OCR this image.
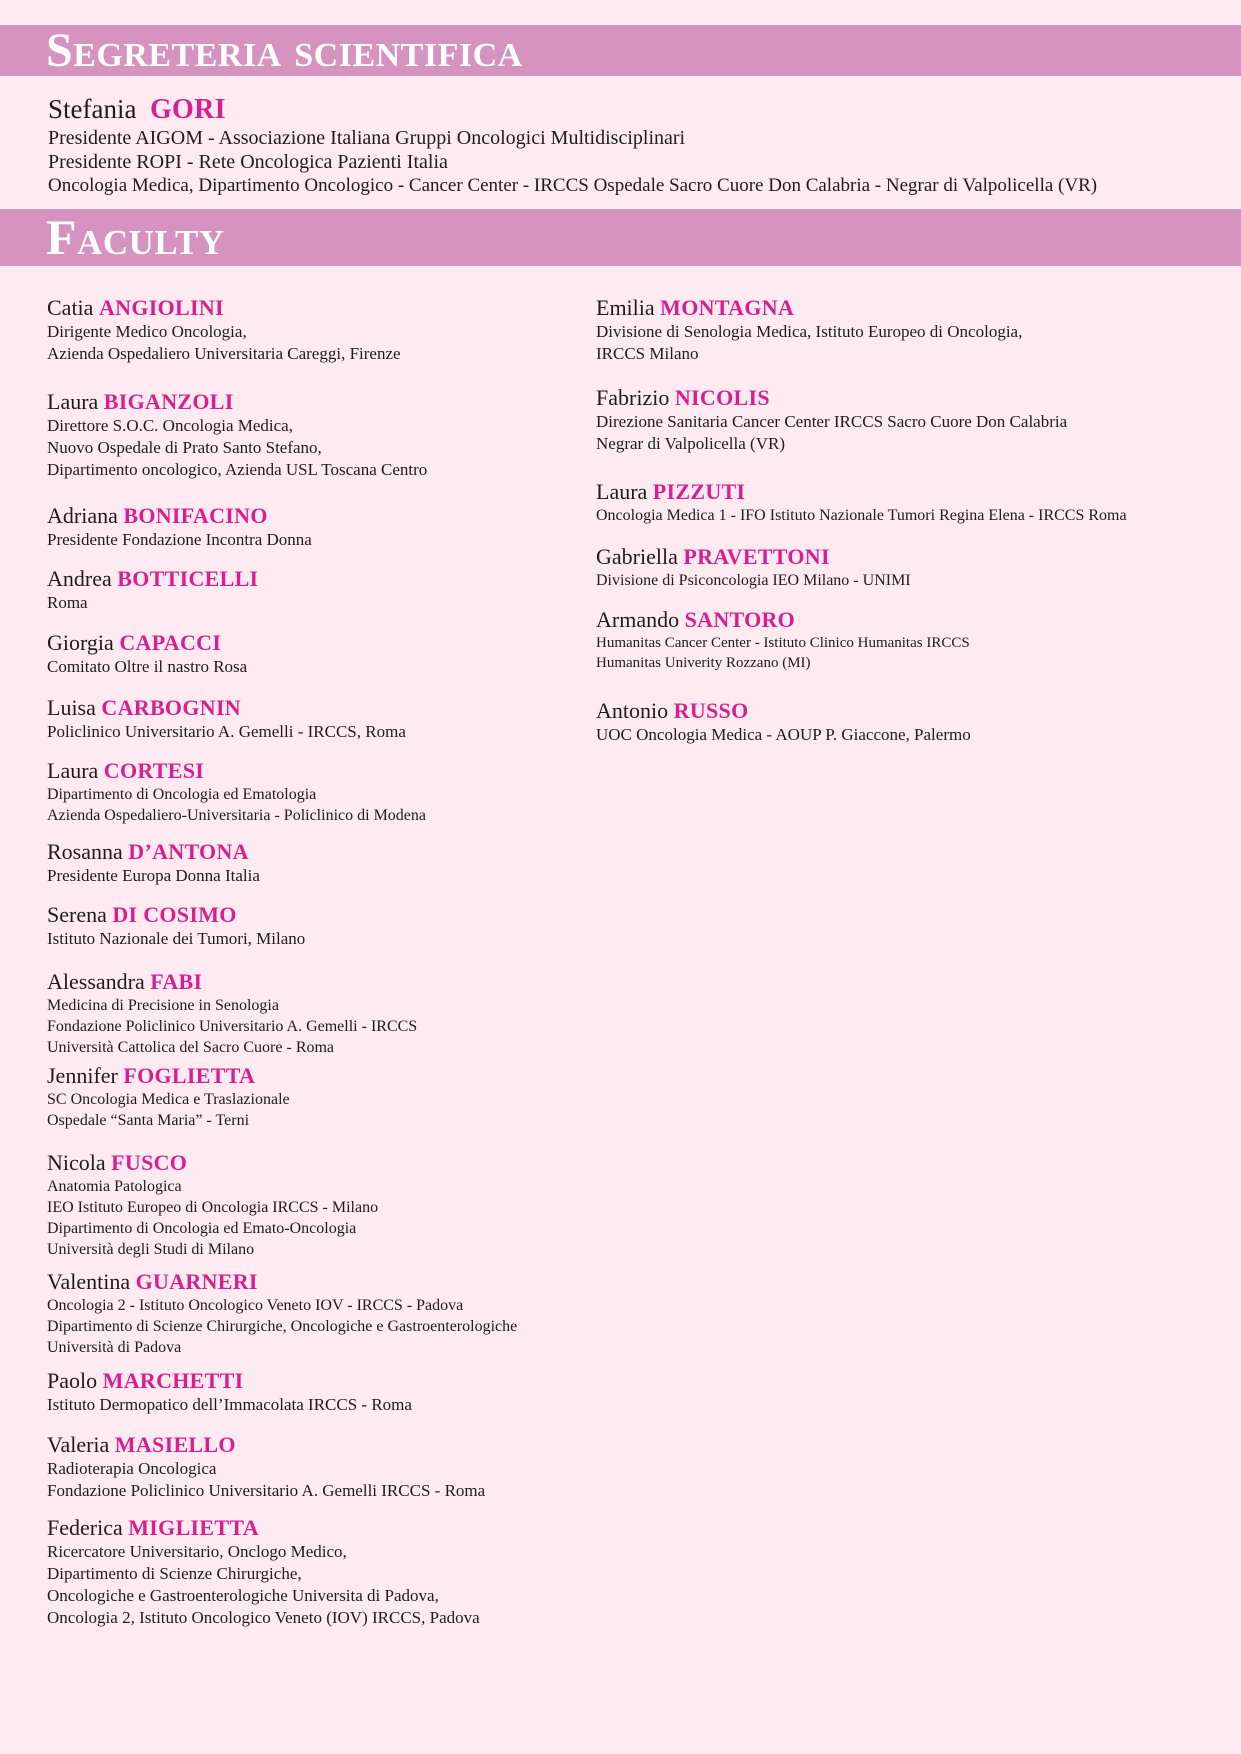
Segreteria scientifica
Stefania GORI
Presidente AIGOM - Associazione Italiana Gruppi Oncologici Multidisciplinari
Presidente ROPI - Rete Oncologica Pazienti Italia
Oncologia Medica, Dipartimento Oncologico - Cancer Center - IRCCS Ospedale Sacro Cuore Don Calabria - Negrar di Valpolicella (VR)
Faculty
Catia ANGIOLINI
Dirigente Medico Oncologia,
Azienda Ospedaliero Universitaria Careggi, Firenze
Laura BIGANZOLI
Direttore S.O.C. Oncologia Medica,
Nuovo Ospedale di Prato Santo Stefano,
Dipartimento oncologico, Azienda USL Toscana Centro
Adriana BONIFACINO
Presidente Fondazione Incontra Donna
Andrea BOTTICELLI
Roma
Giorgia CAPACCI
Comitato Oltre il nastro Rosa
Luisa CARBOGNIN
Policlinico Universitario A. Gemelli - IRCCS, Roma
Laura CORTESI
Dipartimento di Oncologia ed Ematologia
Azienda Ospedaliero-Universitaria - Policlinico di Modena
Rosanna D’ANTONA
Presidente Europa Donna Italia
Serena DI COSIMO
Istituto Nazionale dei Tumori, Milano
Alessandra FABI
Medicina di Precisione in Senologia
Fondazione Policlinico Universitario A. Gemelli - IRCCS
Università Cattolica del Sacro Cuore - Roma
Jennifer FOGLIETTA
SC Oncologia Medica e Traslazionale
Ospedale “Santa Maria” - Terni
Nicola FUSCO
Anatomia Patologica
IEO Istituto Europeo di Oncologia IRCCS - Milano
Dipartimento di Oncologia ed Emato-Oncologia
Università degli Studi di Milano
Valentina GUARNERI
Oncologia 2 - Istituto Oncologico Veneto IOV - IRCCS - Padova
Dipartimento di Scienze Chirurgiche, Oncologiche e Gastroenterologiche
Università di Padova
Paolo MARCHETTI
Istituto Dermopatico dell’Immacolata IRCCS - Roma
Valeria MASIELLO
Radioterapia Oncologica
Fondazione Policlinico Universitario A. Gemelli IRCCS - Roma
Federica MIGLIETTA
Ricercatore Universitario, Onclogo Medico,
Dipartimento di Scienze Chirurgiche,
Oncologiche e Gastroenterologiche Universita di Padova,
Oncologia 2, Istituto Oncologico Veneto (IOV) IRCCS, Padova
Emilia MONTAGNA
Divisione di Senologia Medica, Istituto Europeo di Oncologia,
IRCCS Milano
Fabrizio NICOLIS
Direzione Sanitaria Cancer Center IRCCS Sacro Cuore Don Calabria
Negrar di Valpolicella (VR)
Laura PIZZUTI
Oncologia Medica 1 - IFO Istituto Nazionale Tumori Regina Elena - IRCCS Roma
Gabriella PRAVETTONI
Divisione di Psiconcologia IEO Milano - UNIMI
Armando SANTORO
Humanitas Cancer Center - Istituto Clinico Humanitas IRCCS
Humanitas Univerity Rozzano (MI)
Antonio RUSSO
UOC Oncologia Medica - AOUP P. Giaccone, Palermo
